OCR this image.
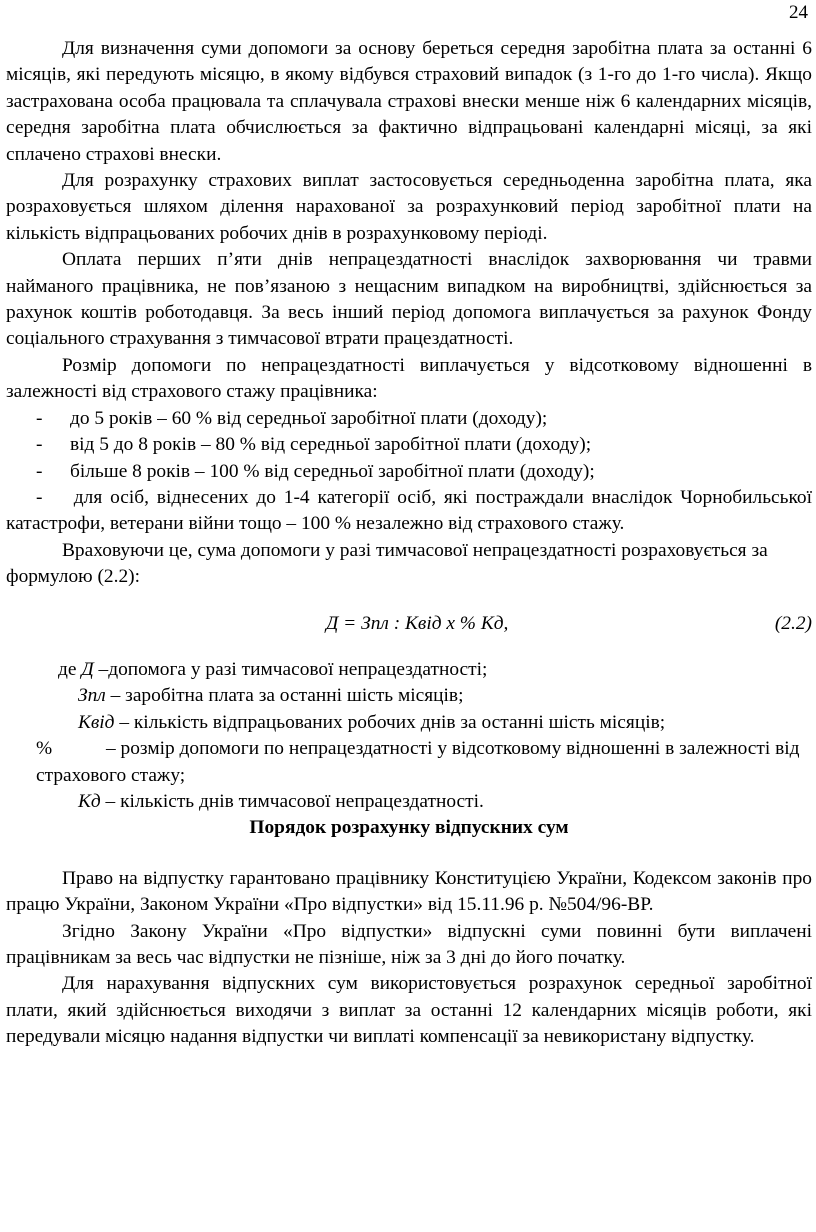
24

Для визначення суми допомоги за основу береться середня заробітна плата за останні 6 місяців, які передують місяцю, в якому відбувся страховий випадок (з 1-го до 1-го числа). Якщо застрахована особа працювала та сплачувала страхові внески менше ніж 6 календарних місяців, середня заробітна плата обчислюється за фактично відпрацьовані календарні місяці, за які сплачено страхові внески.

Для розрахунку страхових виплат застосовується середньоденна заробітна плата, яка розраховується шляхом ділення нарахованої за розрахунковий період заробітної плати на кількість відпрацьованих робочих днів в розрахунковому періоді.

Оплата перших п’яти днів непрацездатності внаслідок захворювання чи травми найманого працівника, не пов’язаною з нещасним випадком на виробництві, здійснюється за рахунок коштів роботодавця. За весь інший період допомога виплачується за рахунок Фонду соціального страхування з тимчасової втрати працездатності.

Розмір допомоги по непрацездатності виплачується у відсотковому відношенні в залежності від страхового стажу працівника:

-	до 5 років – 60 % від середньої заробітної плати (доходу);
-	від 5 до 8 років – 80 % від середньої заробітної плати (доходу);
-	більше 8 років – 100 % від середньої заробітної плати (доходу);
- для осіб, віднесених до 1-4 категорії осіб, які постраждали внаслідок Чорнобильської катастрофи, ветерани війни тощо – 100 % незалежно від страхового стажу.

Враховуючи це, сума допомоги у разі тимчасової непрацездатності розраховується за формулою (2.2):

Д = Зпл : Квід х % Кд,	(2.2)
де Д –допомога у разі тимчасової непрацездатності;
Зпл – заробітна плата за останні шість місяців;
Квід – кількість відпрацьованих робочих днів за останні шість місяців;
%	– розмір допомоги по непрацездатності у відсотковому відношенні в залежності від страхового стажу;
Кд – кількість днів тимчасової непрацездатності.
Порядок розрахунку відпускних сум

Право на відпустку гарантовано працівнику Конституцією України, Кодексом законів про працю України, Законом України «Про відпустки» від 15.11.96 р. №504/96-ВР.

Згідно Закону України «Про відпустки» відпускні суми повинні бути виплачені працівникам за весь час відпустки не пізніше, ніж за 3 дні до його початку.

Для нарахування відпускних сум використовується розрахунок середньої заробітної плати, який здійснюється виходячи з виплат за останні 12 календарних місяців роботи, які передували місяцю надання відпустки чи виплаті компенсації за невикористану відпустку.
